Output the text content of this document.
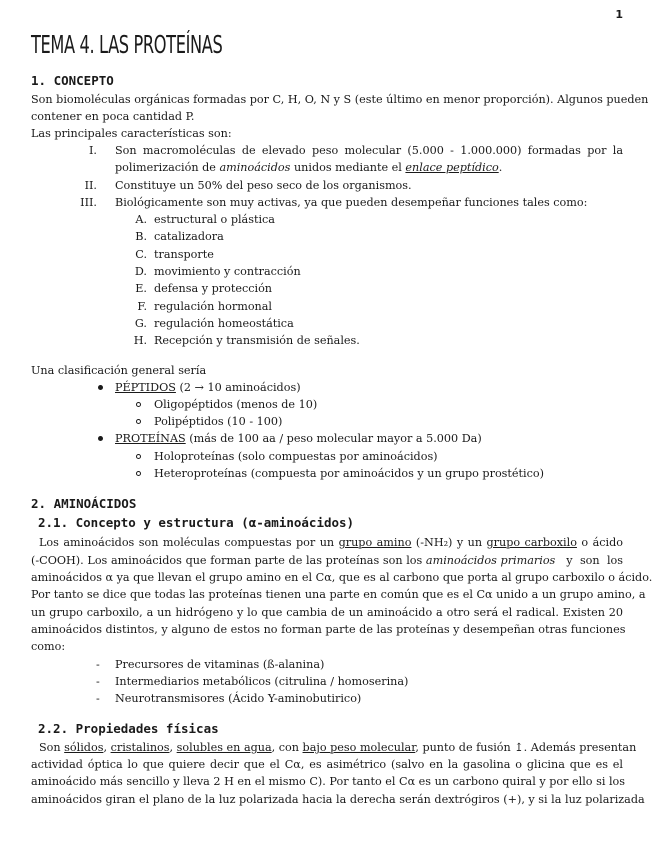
1
TEMA 4. LAS PROTEÍNAS
1. CONCEPTO
Son biomoléculas orgánicas formadas por C, H, O, N y S (este último en menor proporción). Algunos pueden
contener en poca cantidad P.
Las principales características son:
I. Son macromoléculas de elevado peso molecular (5.000 - 1.000.000) formadas por la
polimerización de aminoácidos unidos mediante el enlace peptídico.
II. Constituye un 50% del peso seco de los organismos.
III. Biológicamente son muy activas, ya que pueden desempeñar funciones tales como:
A. estructural o plástica
B. catalizadora
C. transporte
D. movimiento y contracción
E. defensa y protección
F. regulación hormonal
G. regulación homeostática
H. Recepción y transmisión de señales.
Una clasificación general sería
PÉPTIDOS (2 → 10 aminoácidos)
Oligopéptidos (menos de 10)
Polipéptidos (10 - 100)
PROTEÍNAS (más de 100 aa / peso molecular mayor a 5.000 Da)
Holoproteínas (solo compuestas por aminoácidos)
Heteroproteínas (compuesta por aminoácidos y un grupo prostético)
2. AMINOÁCIDOS
2.1. Concepto y estructura (α-aminoácidos)
Los aminoácidos son moléculas compuestas por un grupo amino (-NH₂) y un grupo carboxilo o ácido
(-COOH). Los aminoácidos que forman parte de las proteínas son los aminoácidos primarios   y  son  los
aminoácidos α ya que llevan el grupo amino en el Cα, que es al carbono que porta al grupo carboxilo o ácido.
Por tanto se dice que todas las proteínas tienen una parte en común que es el Cα unido a un grupo amino, a
un grupo carboxilo, a un hidrógeno y lo que cambia de un aminoácido a otro será el radical. Existen 20
aminoácidos distintos, y alguno de estos no forman parte de las proteínas y desempeñan otras funciones
como:
- Precursores de vitaminas (ß-alanina)
- Intermediarios metabólicos (citrulina / homoserina)
- Neurotransmisores (Ácido Y-aminobutirico)
2.2. Propiedades físicas
Son sólidos, cristalinos, solubles en agua, con bajo peso molecular, punto de fusión ↥. Además presentan
actividad óptica lo que quiere decir que el Cα, es asimétrico (salvo en la gasolina o glicina que es el
aminoácido más sencillo y lleva 2 H en el mismo C). Por tanto el Cα es un carbono quiral y por ello si los
aminoácidos giran el plano de la luz polarizada hacia la derecha serán dextrógiros (+), y si la luz polarizada
